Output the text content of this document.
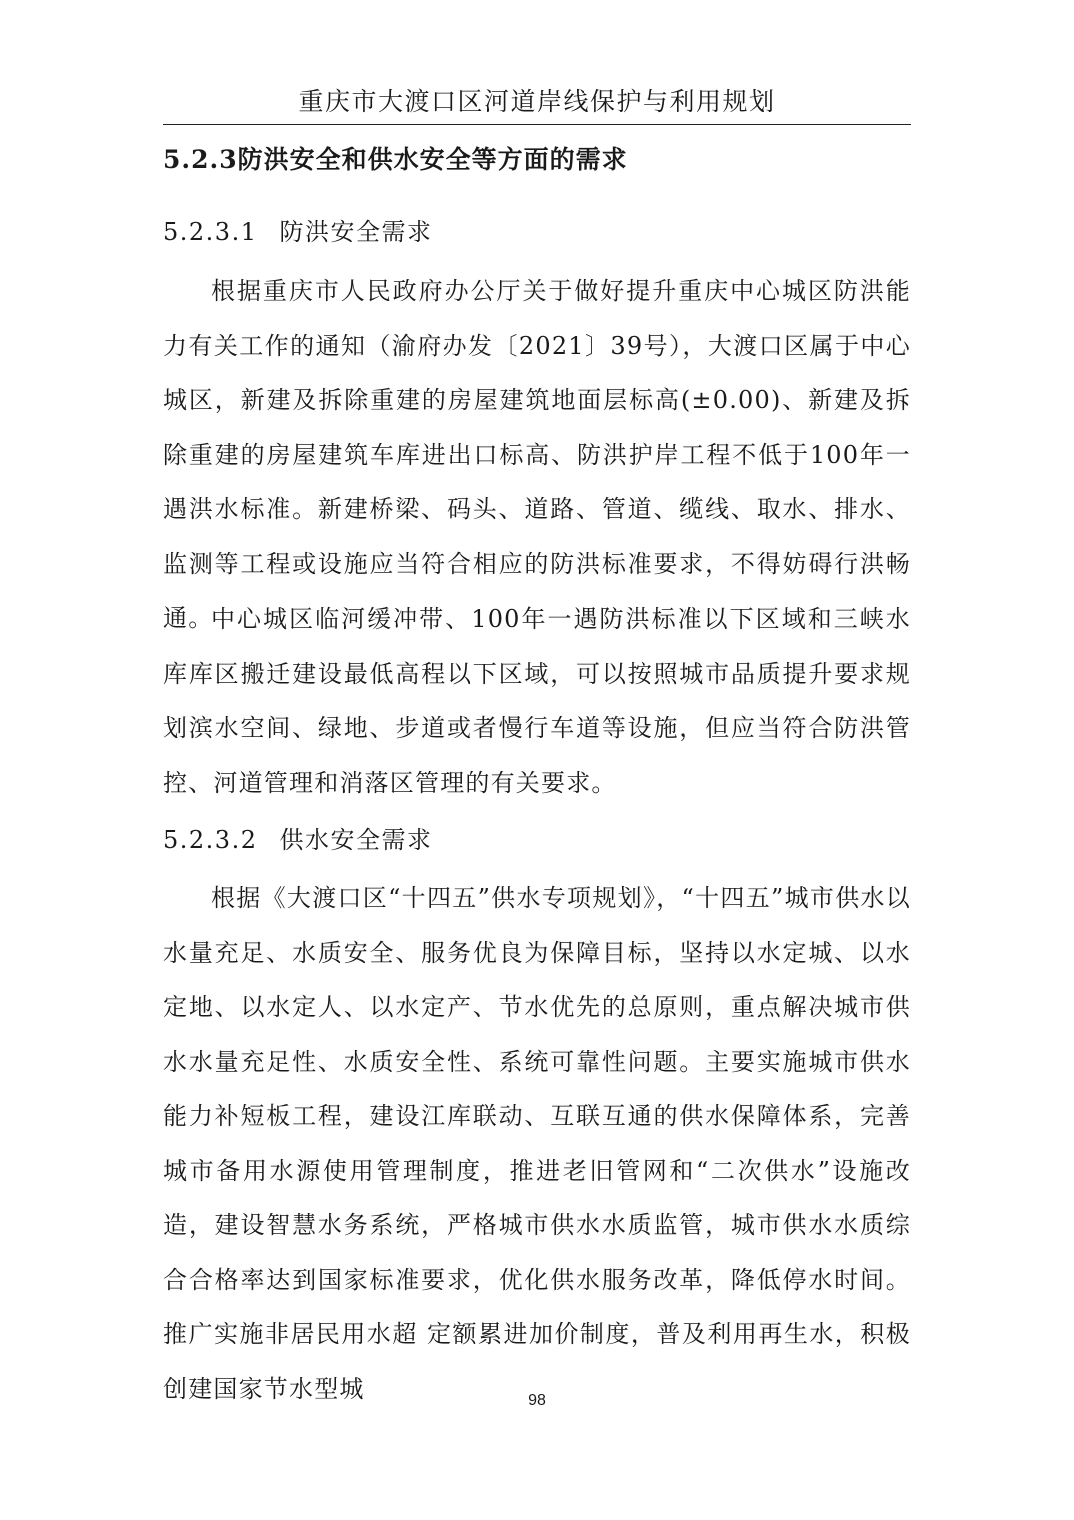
重庆市大渡口区河道岸线保护与利用规划
5.2.3防洪安全和供水安全等方面的需求
5.2.3.1 防洪安全需求

根据重庆市人民政府办公厅关于做好提升重庆中心城区防洪能力有关工作的通知（渝府办发〔2021〕39号），大渡口区属于中心城区，新建及拆除重建的房屋建筑地面层标高(±0.00)、新建及拆除重建的房屋建筑车库进出口标高、防洪护岸工程不低于100年一遇洪水标准。新建桥梁、码头、道路、管道、缆线、取水、排水、监测等工程或设施应当符合相应的防洪标准要求，不得妨碍行洪畅通。

中心城区临河缓冲带、100年一遇防洪标准以下区域和三峡水库库区搬迁建设最低高程以下区域，可以按照城市品质提升要求规划滨水空间、绿地、步道或者慢行车道等设施，但应当符合防洪管控、河道管理和消落区管理的有关要求。

5.2.3.2 供水安全需求

根据《大渡口区“十四五”供水专项规划》，“十四五”城市供水以水量充足、水质安全、服务优良为保障目标，坚持以水定城、以水定地、以水定人、以水定产、节水优先的总原则，重点解决城市供水水量充足性、水质安全性、系统可靠性问题。主要实施城市供水能力补短板工程，建设江库联动、互联互通的供水保障体系，完善城市备用水源使用管理制度，推进老旧管网和“二次供水”设施改造，建设智慧水务系统，严格城市供水水质监管，城市供水水质综合合格率达到国家标准要求，优化供水服务改革，降低停水时间。推广实施非居民用水超 定额累进加价制度，普及利用再生水，积极创建国家节水型城	98
